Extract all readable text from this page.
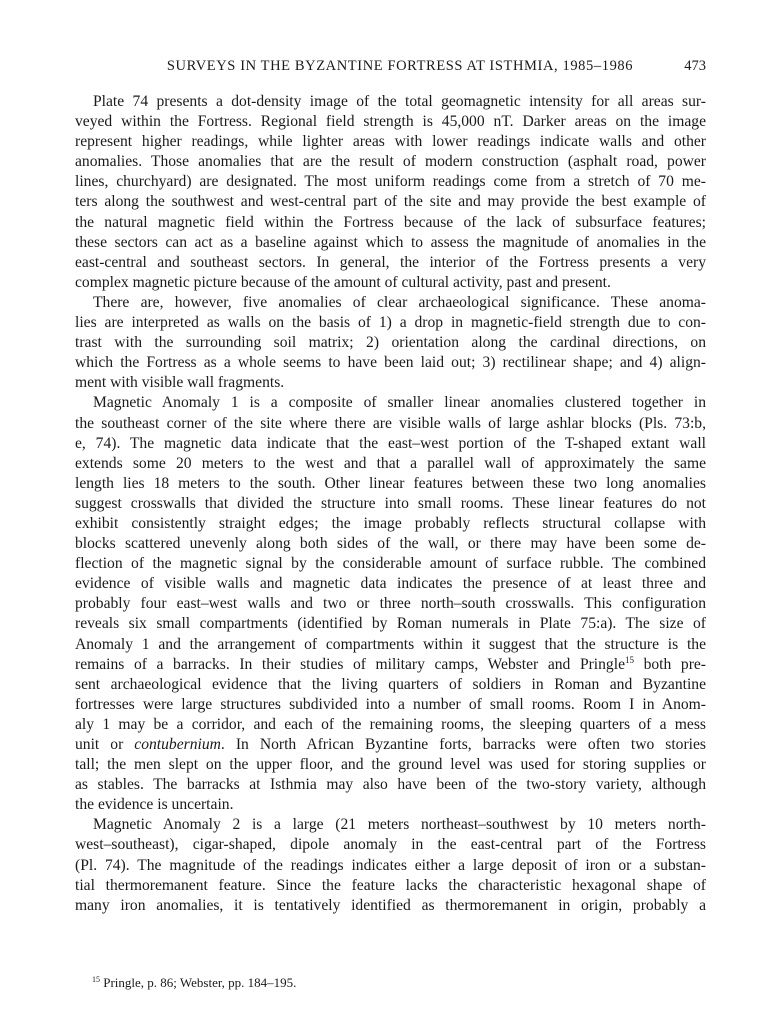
SURVEYS IN THE BYZANTINE FORTRESS AT ISTHMIA, 1985–1986	473

Plate 74 presents a dot-density image of the total geomagnetic intensity for all areas sur-
veyed within the Fortress. Regional field strength is 45,000 nT. Darker areas on the image
represent higher readings, while lighter areas with lower readings indicate walls and other
anomalies. Those anomalies that are the result of modern construction (asphalt road, power
lines, churchyard) are designated. The most uniform readings come from a stretch of 70 me-
ters along the southwest and west-central part of the site and may provide the best example of
the natural magnetic field within the Fortress because of the lack of subsurface features;
these sectors can act as a baseline against which to assess the magnitude of anomalies in the
east-central and southeast sectors. In general, the interior of the Fortress presents a very
complex magnetic picture because of the amount of cultural activity, past and present.

There are, however, five anomalies of clear archaeological significance. These anoma-
lies are interpreted as walls on the basis of 1) a drop in magnetic-field strength due to con-
trast with the surrounding soil matrix; 2) orientation along the cardinal directions, on
which the Fortress as a whole seems to have been laid out; 3) rectilinear shape; and 4) align-
ment with visible wall fragments.

Magnetic Anomaly 1 is a composite of smaller linear anomalies clustered together in
the southeast corner of the site where there are visible walls of large ashlar blocks (Pls. 73:b,
e, 74). The magnetic data indicate that the east–west portion of the T-shaped extant wall
extends some 20 meters to the west and that a parallel wall of approximately the same
length lies 18 meters to the south. Other linear features between these two long anomalies
suggest crosswalls that divided the structure into small rooms. These linear features do not
exhibit consistently straight edges; the image probably reflects structural collapse with
blocks scattered unevenly along both sides of the wall, or there may have been some de-
flection of the magnetic signal by the considerable amount of surface rubble. The combined
evidence of visible walls and magnetic data indicates the presence of at least three and
probably four east–west walls and two or three north–south crosswalls. This configuration
reveals six small compartments (identified by Roman numerals in Plate 75:a). The size of
Anomaly 1 and the arrangement of compartments within it suggest that the structure is the
remains of a barracks. In their studies of military camps, Webster and Pringle$^{15}$ both pre-
sent archaeological evidence that the living quarters of soldiers in Roman and Byzantine
fortresses were large structures subdivided into a number of small rooms. Room I in Anom-
aly 1 may be a corridor, and each of the remaining rooms, the sleeping quarters of a mess
unit or contubernium. In North African Byzantine forts, barracks were often two stories
tall; the men slept on the upper floor, and the ground level was used for storing supplies or
as stables. The barracks at Isthmia may also have been of the two-story variety, although
the evidence is uncertain.

Magnetic Anomaly 2 is a large (21 meters northeast–southwest by 10 meters north-
west–southeast), cigar-shaped, dipole anomaly in the east-central part of the Fortress
(Pl. 74). The magnitude of the readings indicates either a large deposit of iron or a substan-
tial thermoremanent feature. Since the feature lacks the characteristic hexagonal shape of
many iron anomalies, it is tentatively identified as thermoremanent in origin, probably a

$^{15}$ Pringle, p. 86; Webster, pp. 184–195.
